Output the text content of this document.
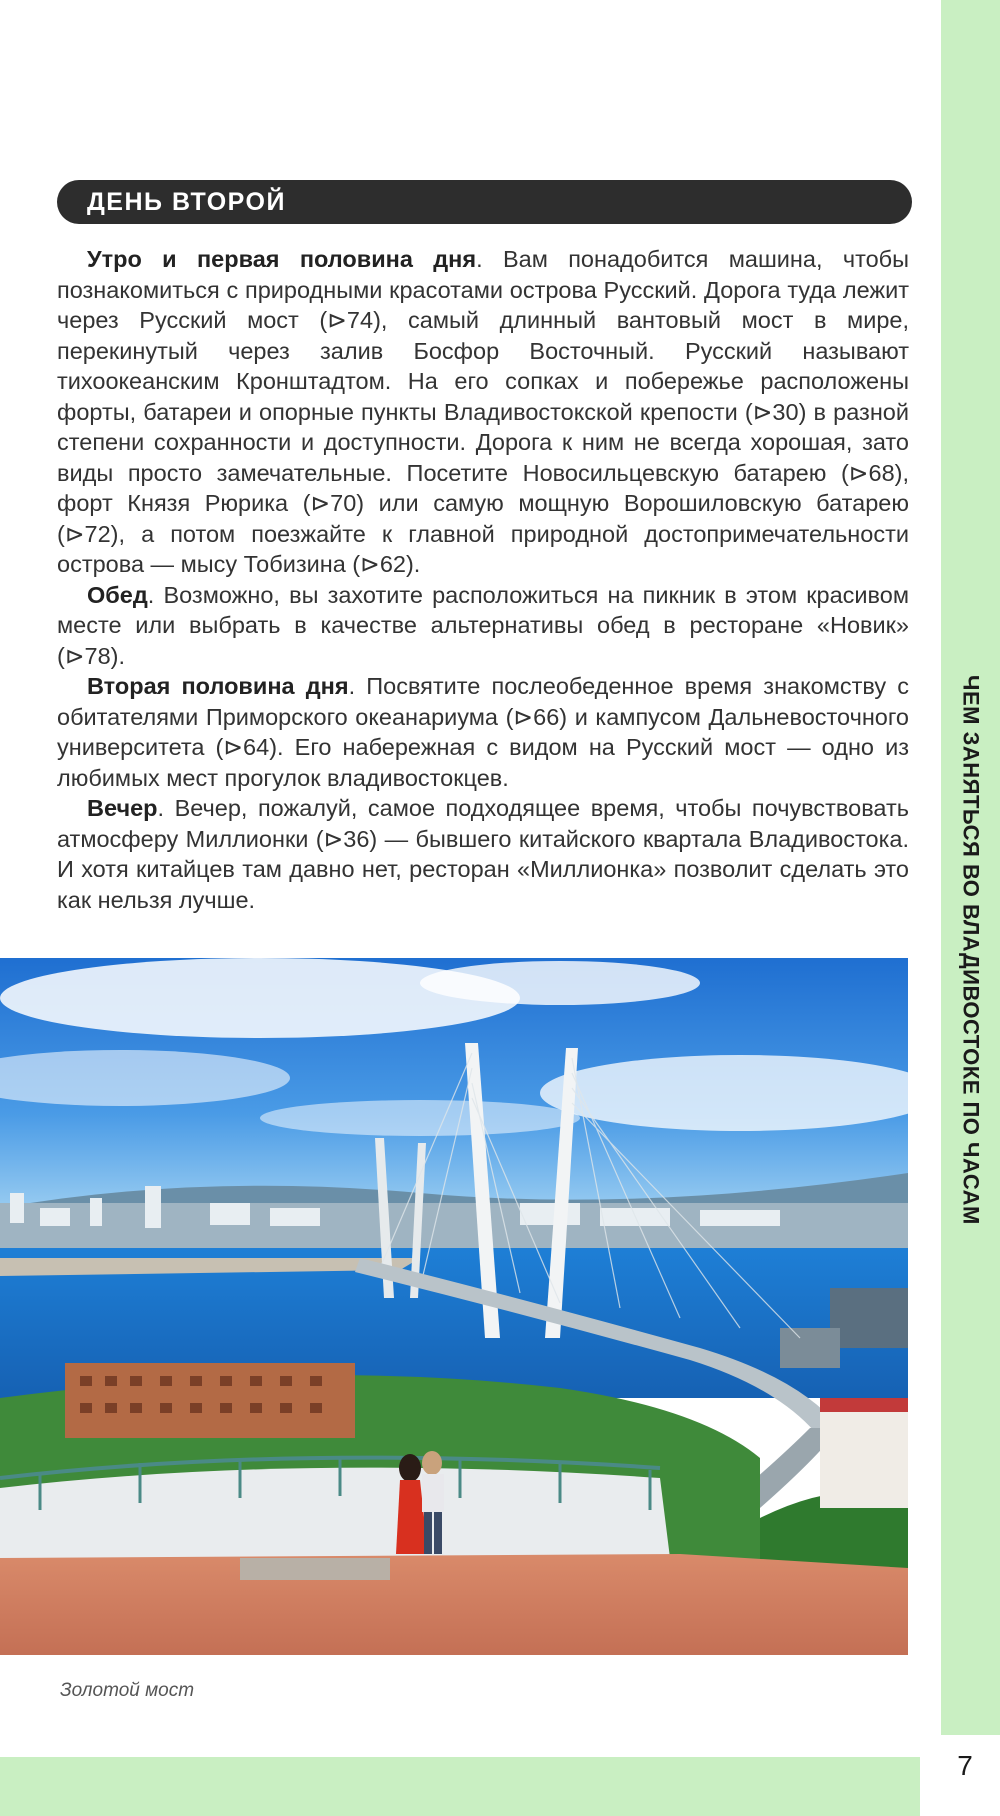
ЧЕМ ЗАНЯТЬСЯ ВО ВЛАДИВОСТОКЕ ПО ЧАСАМ
ДЕНЬ ВТОРОЙ

Утро и первая половина дня. Вам понадобится машина, чтобы познакомиться с природными красотами острова Русский. Дорога туда лежит через Русский мост (⊳74), самый длинный вантовый мост в мире, перекинутый через залив Босфор Восточный. Русский называют тихоокеанским Кронштадтом. На его сопках и побережье расположены форты, батареи и опорные пункты Владивостокской крепости (⊳30) в разной степени сохранности и доступности. Дорога к ним не всегда хорошая, зато виды просто замечательные. Посетите Новосильцевскую батарею (⊳68), форт Князя Рюрика (⊳70) или самую мощную Ворошиловскую батарею (⊳72), а потом поезжайте к главной природной достопримечательности острова — мысу Тобизина (⊳62).

Обед. Возможно, вы захотите расположиться на пикник в этом красивом месте или выбрать в качестве альтернативы обед в ресторане «Новик» (⊳78).

Вторая половина дня. Посвятите послеобеденное время знакомству с обитателями Приморского океанариума (⊳66) и кампусом Дальневосточного университета (⊳64). Его набережная с видом на Русский мост — одно из любимых мест прогулок владивостокцев.

Вечер. Вечер, пожалуй, самое подходящее время, чтобы почувствовать атмосферу Миллионки (⊳36) — бывшего китайского квартала Владивостока. И хотя китайцев там давно нет, ресторан «Миллионка» позволит сделать это как нельзя лучше.

Золотой мост
7
